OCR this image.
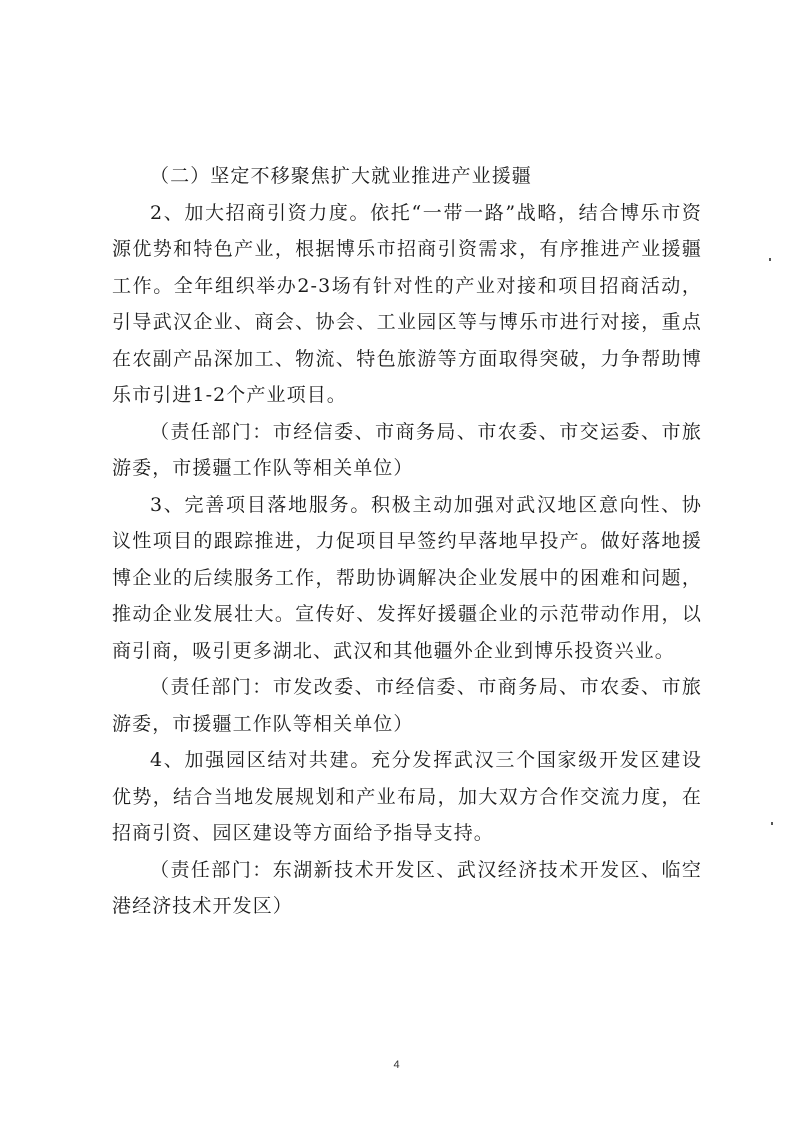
（二）坚定不移聚焦扩大就业推进产业援疆

2、加大招商引资力度。依托“一带一路”战略，结合博乐市资源优势和特色产业，根据博乐市招商引资需求，有序推进产业援疆工作。全年组织举办2-3场有针对性的产业对接和项目招商活动，引导武汉企业、商会、协会、工业园区等与博乐市进行对接，重点在农副产品深加工、物流、特色旅游等方面取得突破，力争帮助博乐市引进1-2个产业项目。

（责任部门：市经信委、市商务局、市农委、市交运委、市旅游委，市援疆工作队等相关单位）

3、完善项目落地服务。积极主动加强对武汉地区意向性、协议性项目的跟踪推进，力促项目早签约早落地早投产。做好落地援博企业的后续服务工作，帮助协调解决企业发展中的困难和问题，推动企业发展壮大。宣传好、发挥好援疆企业的示范带动作用，以商引商，吸引更多湖北、武汉和其他疆外企业到博乐投资兴业。

（责任部门：市发改委、市经信委、市商务局、市农委、市旅游委，市援疆工作队等相关单位）

4、加强园区结对共建。充分发挥武汉三个国家级开发区建设优势，结合当地发展规划和产业布局，加大双方合作交流力度，在招商引资、园区建设等方面给予指导支持。

（责任部门：东湖新技术开发区、武汉经济技术开发区、临空港经济技术开发区）

4
